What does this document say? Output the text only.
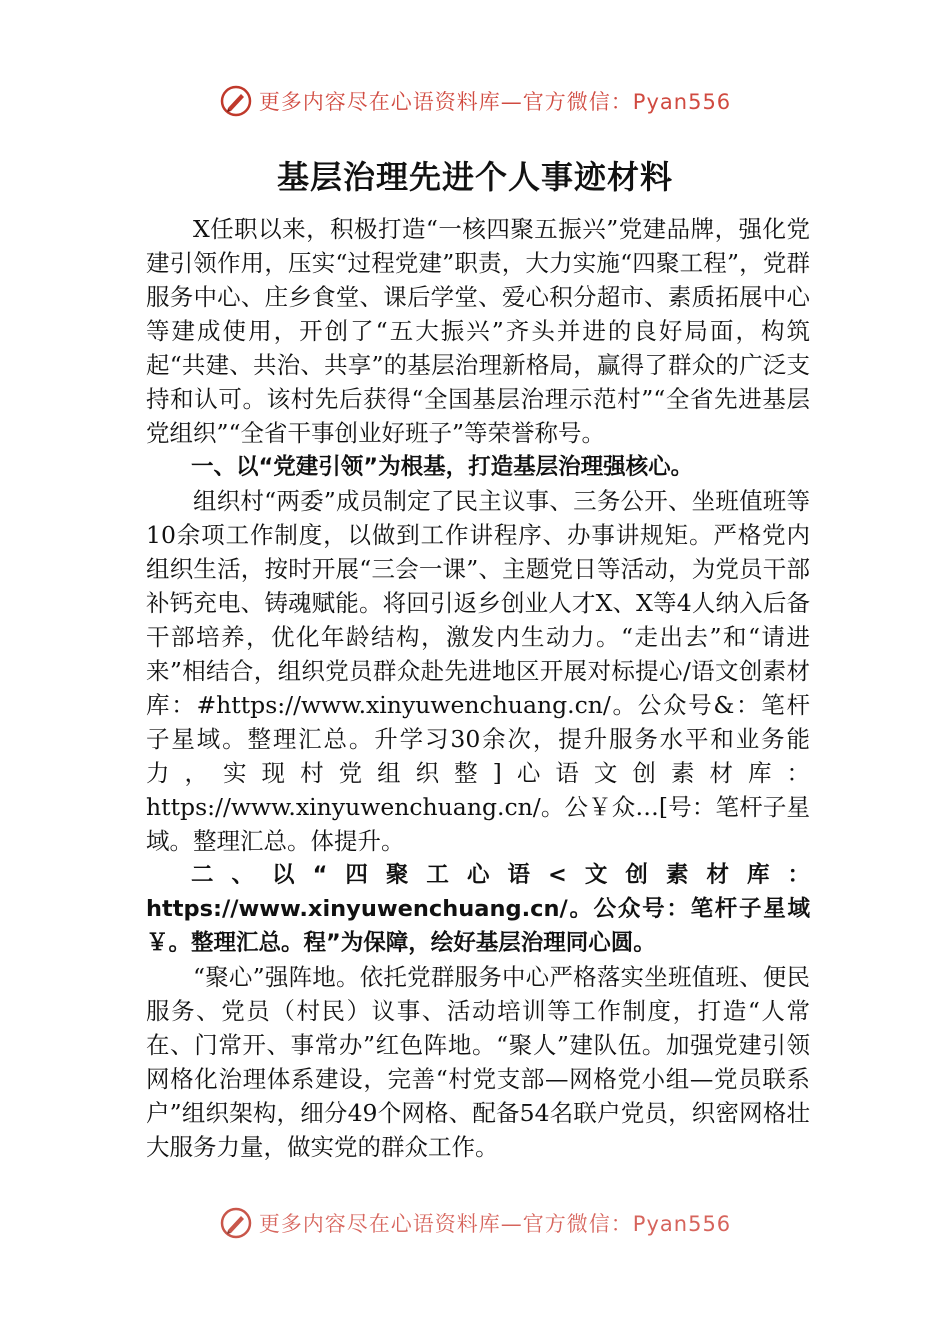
更多内容尽在心语资料库—官方微信：Pyan556
基层治理先进个人事迹材料

X任职以来，积极打造“一核四聚五振兴”党建品牌，强化党建引领作用，压实“过程党建”职责，大力实施“四聚工程”，党群服务中心、庄乡食堂、课后学堂、爱心积分超市、素质拓展中心等建成使用，开创了“五大振兴”齐头并进的良好局面，构筑起“共建、共治、共享”的基层治理新格局，赢得了群众的广泛支持和认可。该村先后获得“全国基层治理示范村”“全省先进基层党组织”“全省干事创业好班子”等荣誉称号。

一、以“党建引领”为根基，打造基层治理强核心。

组织村“两委”成员制定了民主议事、三务公开、坐班值班等10余项工作制度，以做到工作讲程序、办事讲规矩。严格党内组织生活，按时开展“三会一课”、主题党日等活动，为党员干部补钙充电、铸魂赋能。将回引返乡创业人才X、X等4人纳入后备干部培养，优化年龄结构，激发内生动力。“走出去”和“请进来”相结合，组织党员群众赴先进地区开展对标提心/语文创素材库：#https://www.xinyuwenchuang.cn/。公众号&：笔杆子星域。整理汇总。升学习30余次，提升服务水平和业务能力，实现村党组织整]心语文创素材库：https://www.xinyuwenchuang.cn/。公￥众…[号：笔杆子星域。整理汇总。体提升。

二、以“四聚工心语<文创素材库：https://www.xinyuwenchuang.cn/。公众号：笔杆子星域￥。整理汇总。程”为保障，绘好基层治理同心圆。

“聚心”强阵地。依托党群服务中心严格落实坐班值班、便民服务、党员（村民）议事、活动培训等工作制度，打造“人常在、门常开、事常办”红色阵地。“聚人”建队伍。加强党建引领网格化治理体系建设，完善“村党支部—网格党小组—党员联系户”组织架构，细分49个网格、配备54名联户党员，织密网格壮大服务力量，做实党的群众工作。

更多内容尽在心语资料库—官方微信：Pyan556
